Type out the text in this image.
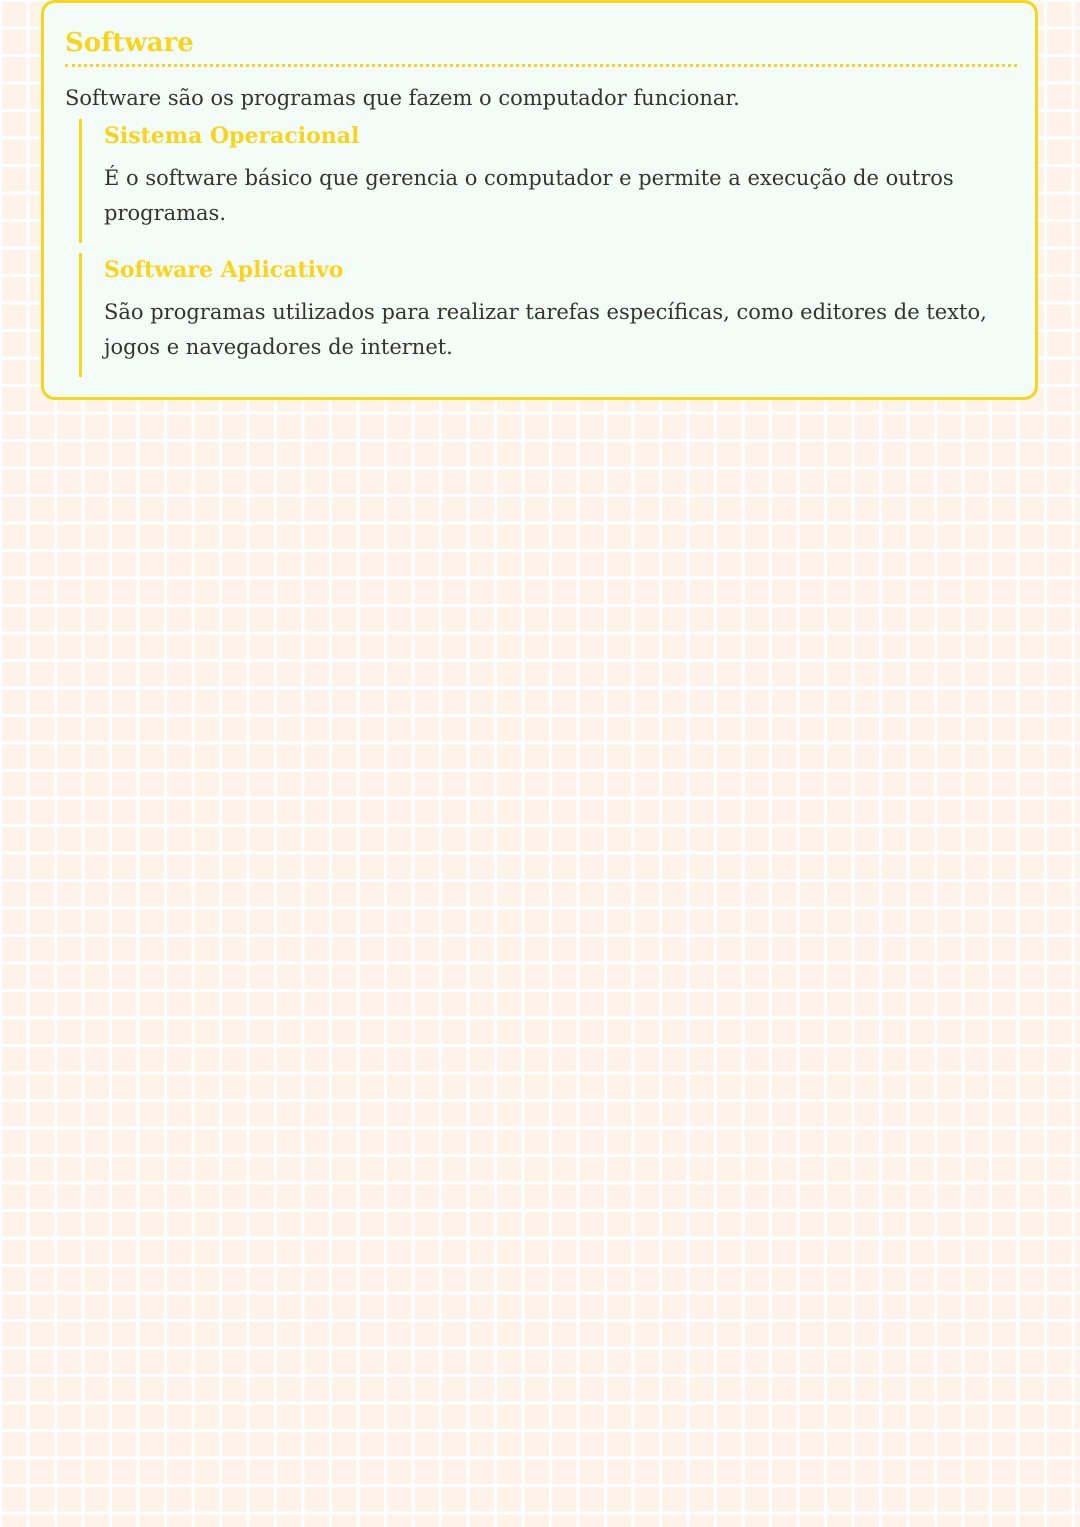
Software

Software são os programas que fazem o computador funcionar.

Sistema Operacional

É o software básico que gerencia o computador e permite a execução de outros programas.

Software Aplicativo

São programas utilizados para realizar tarefas específicas, como editores de texto, jogos e navegadores de internet.
